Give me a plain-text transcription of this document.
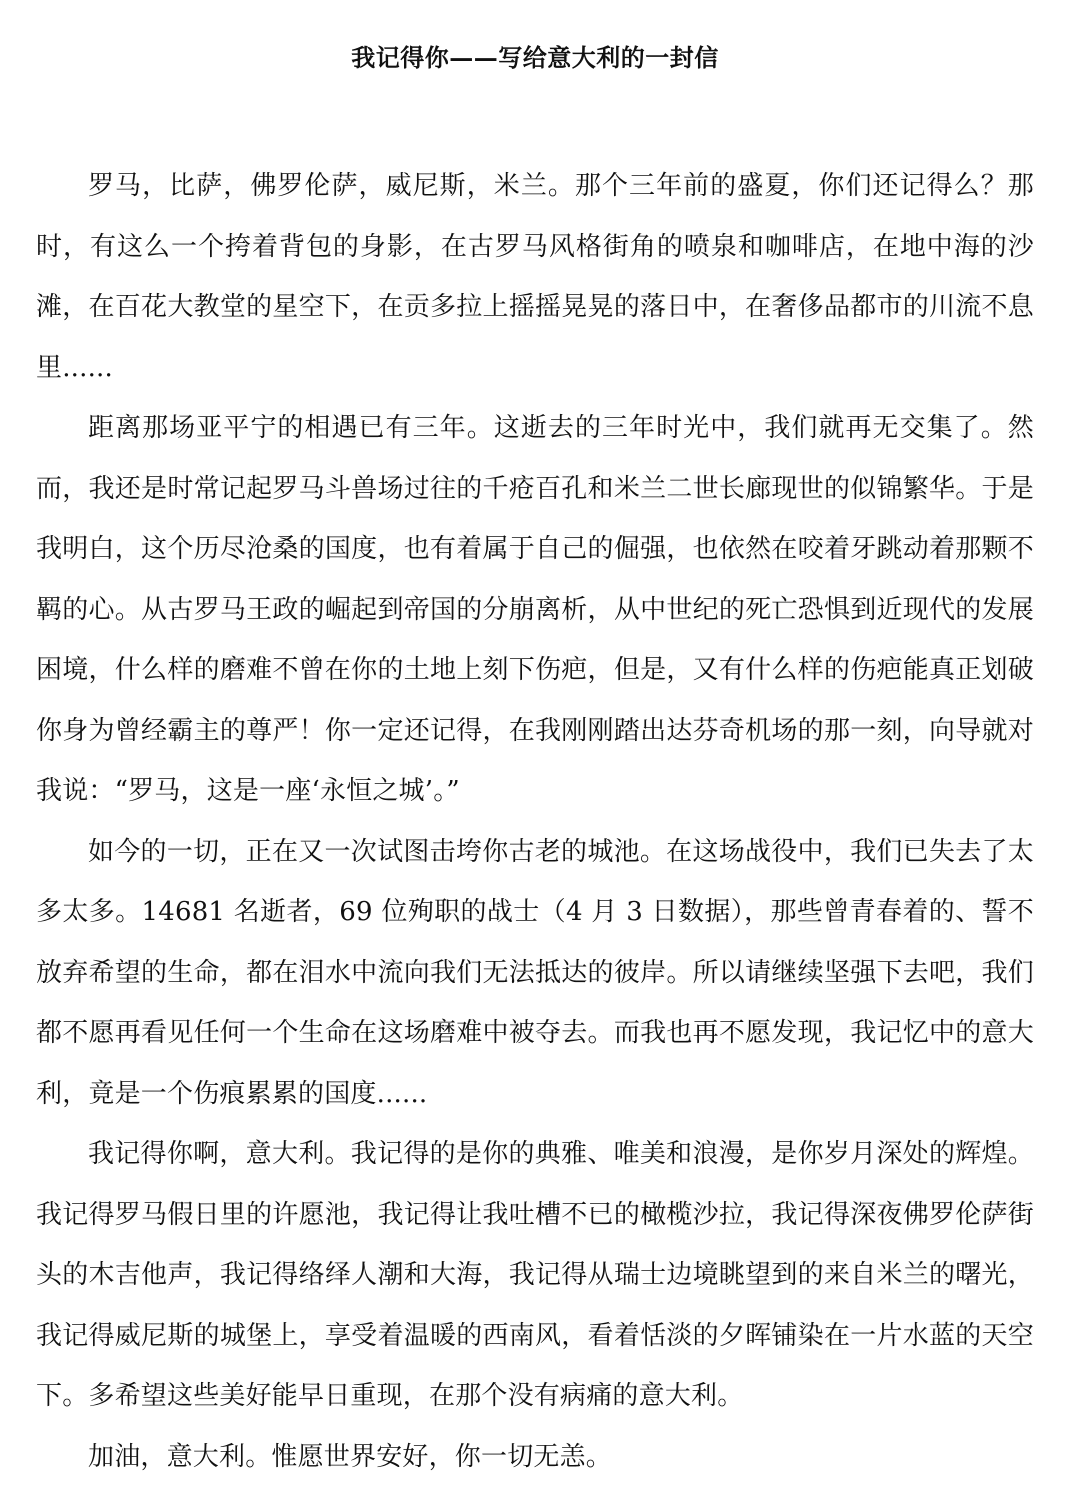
我记得你——写给意大利的一封信

罗马，比萨，佛罗伦萨，威尼斯，米兰。那个三年前的盛夏，你们还记得么？那时，有这么一个挎着背包的身影，在古罗马风格街角的喷泉和咖啡店，在地中海的沙滩，在百花大教堂的星空下，在贡多拉上摇摇晃晃的落日中，在奢侈品都市的川流不息里......

距离那场亚平宁的相遇已有三年。这逝去的三年时光中，我们就再无交集了。然而，我还是时常记起罗马斗兽场过往的千疮百孔和米兰二世长廊现世的似锦繁华。于是我明白，这个历尽沧桑的国度，也有着属于自己的倔强，也依然在咬着牙跳动着那颗不羁的心。从古罗马王政的崛起到帝国的分崩离析，从中世纪的死亡恐惧到近现代的发展困境，什么样的磨难不曾在你的土地上刻下伤疤，但是，又有什么样的伤疤能真正划破你身为曾经霸主的尊严！你一定还记得，在我刚刚踏出达芬奇机场的那一刻，向导就对我说：“罗马，这是一座‘永恒之城’。”

如今的一切，正在又一次试图击垮你古老的城池。在这场战役中，我们已失去了太多太多。14681 名逝者，69 位殉职的战士（4 月 3 日数据），那些曾青春着的、誓不放弃希望的生命，都在泪水中流向我们无法抵达的彼岸。所以请继续坚强下去吧，我们都不愿再看见任何一个生命在这场磨难中被夺去。而我也再不愿发现，我记忆中的意大利，竟是一个伤痕累累的国度......

我记得你啊，意大利。我记得的是你的典雅、唯美和浪漫，是你岁月深处的辉煌。我记得罗马假日里的许愿池，我记得让我吐槽不已的橄榄沙拉，我记得深夜佛罗伦萨街头的木吉他声，我记得络绎人潮和大海，我记得从瑞士边境眺望到的来自米兰的曙光，我记得威尼斯的城堡上，享受着温暖的西南风，看着恬淡的夕晖铺染在一片水蓝的天空下。多希望这些美好能早日重现，在那个没有病痛的意大利。

加油，意大利。惟愿世界安好，你一切无恙。
